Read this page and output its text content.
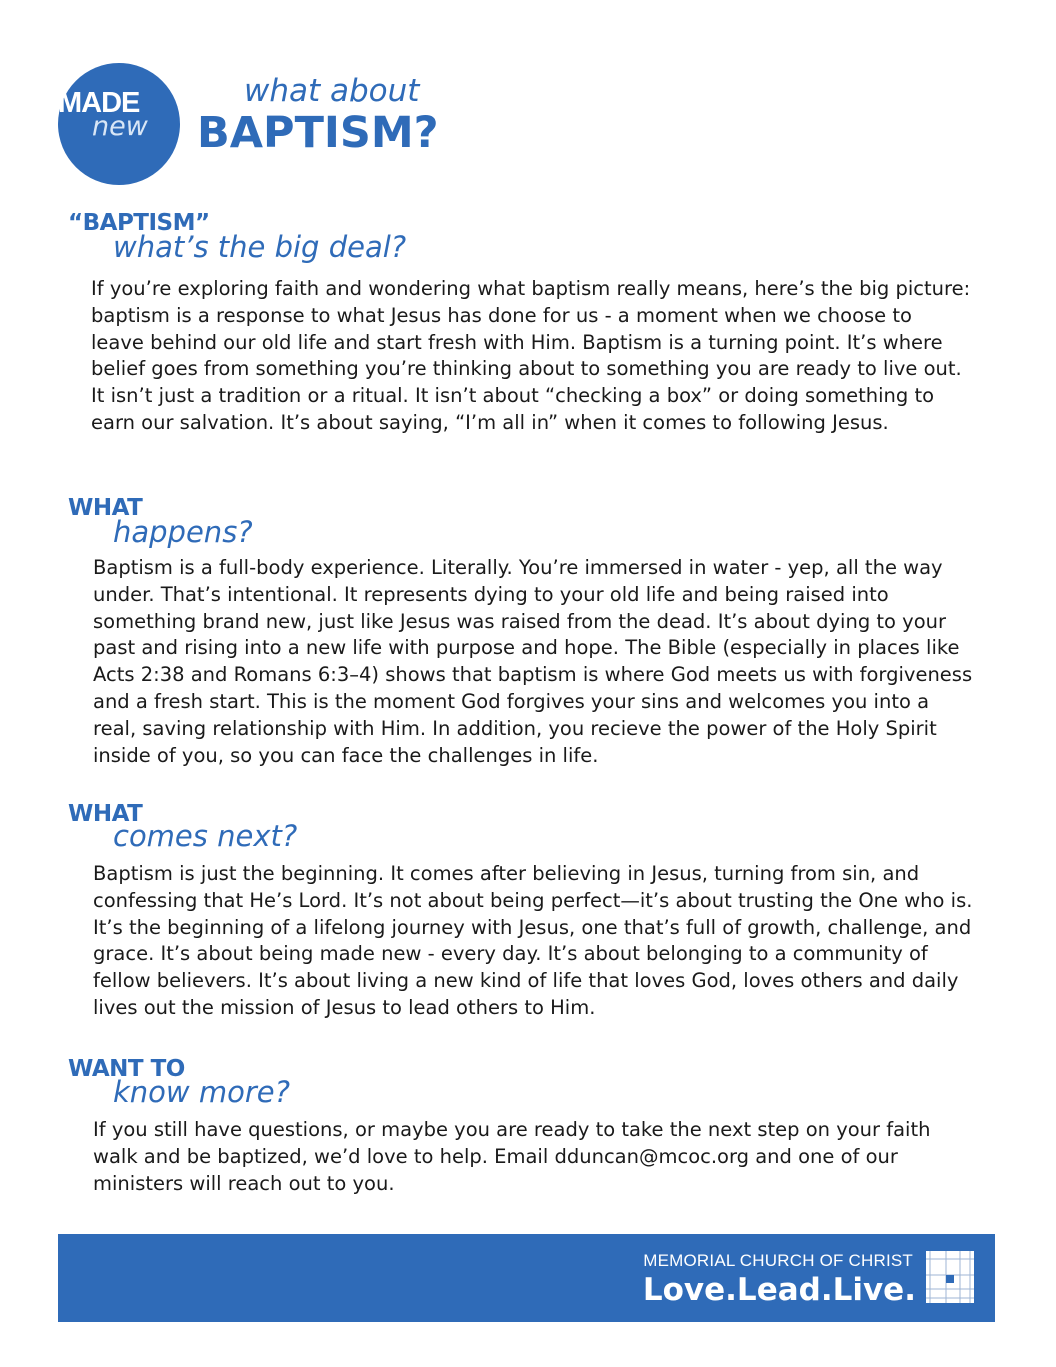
MADE
new
what about
BAPTISM?
“BAPTISM”
what’s the big deal?
If you’re exploring faith and wondering what baptism really means, here’s the big picture: baptism is a response to what Jesus has done for us - a moment when we choose to leave behind our old life and start fresh with Him. Baptism is a turning point. It’s where belief goes from something you’re thinking about to something you are ready to live out. It isn’t just a tradition or a ritual. It isn’t about “checking a box” or doing something to earn our salvation. It’s about saying, “I’m all in” when it comes to following Jesus.
WHAT
happens?
Baptism is a full-body experience. Literally. You’re immersed in water - yep, all the way under. That’s intentional. It represents dying to your old life and being raised into something brand new, just like Jesus was raised from the dead. It’s about dying to your past and rising into a new life with purpose and hope. The Bible (especially in places like Acts 2:38 and Romans 6:3–4) shows that baptism is where God meets us with forgiveness and a fresh start. This is the moment God forgives your sins and welcomes you into a real, saving relationship with Him. In addition, you recieve the power of the Holy Spirit inside of you, so you can face the challenges in life.
WHAT
comes next?
Baptism is just the beginning. It comes after believing in Jesus, turning from sin, and confessing that He’s Lord. It’s not about being perfect—it’s about trusting the One who is. It’s the beginning of a lifelong journey with Jesus, one that’s full of growth, challenge, and grace. It’s about being made new - every day. It’s about belonging to a community of fellow believers. It’s about living a new kind of life that loves God, loves others and daily lives out the mission of Jesus to lead others to Him.
WANT TO
know more?
If you still have questions, or maybe you are ready to take the next step on your faith walk and be baptized, we’d love to help. Email dduncan@mcoc.org and one of our ministers will reach out to you.
MEMORIAL CHURCH OF CHRIST
Love.Lead.Live.
